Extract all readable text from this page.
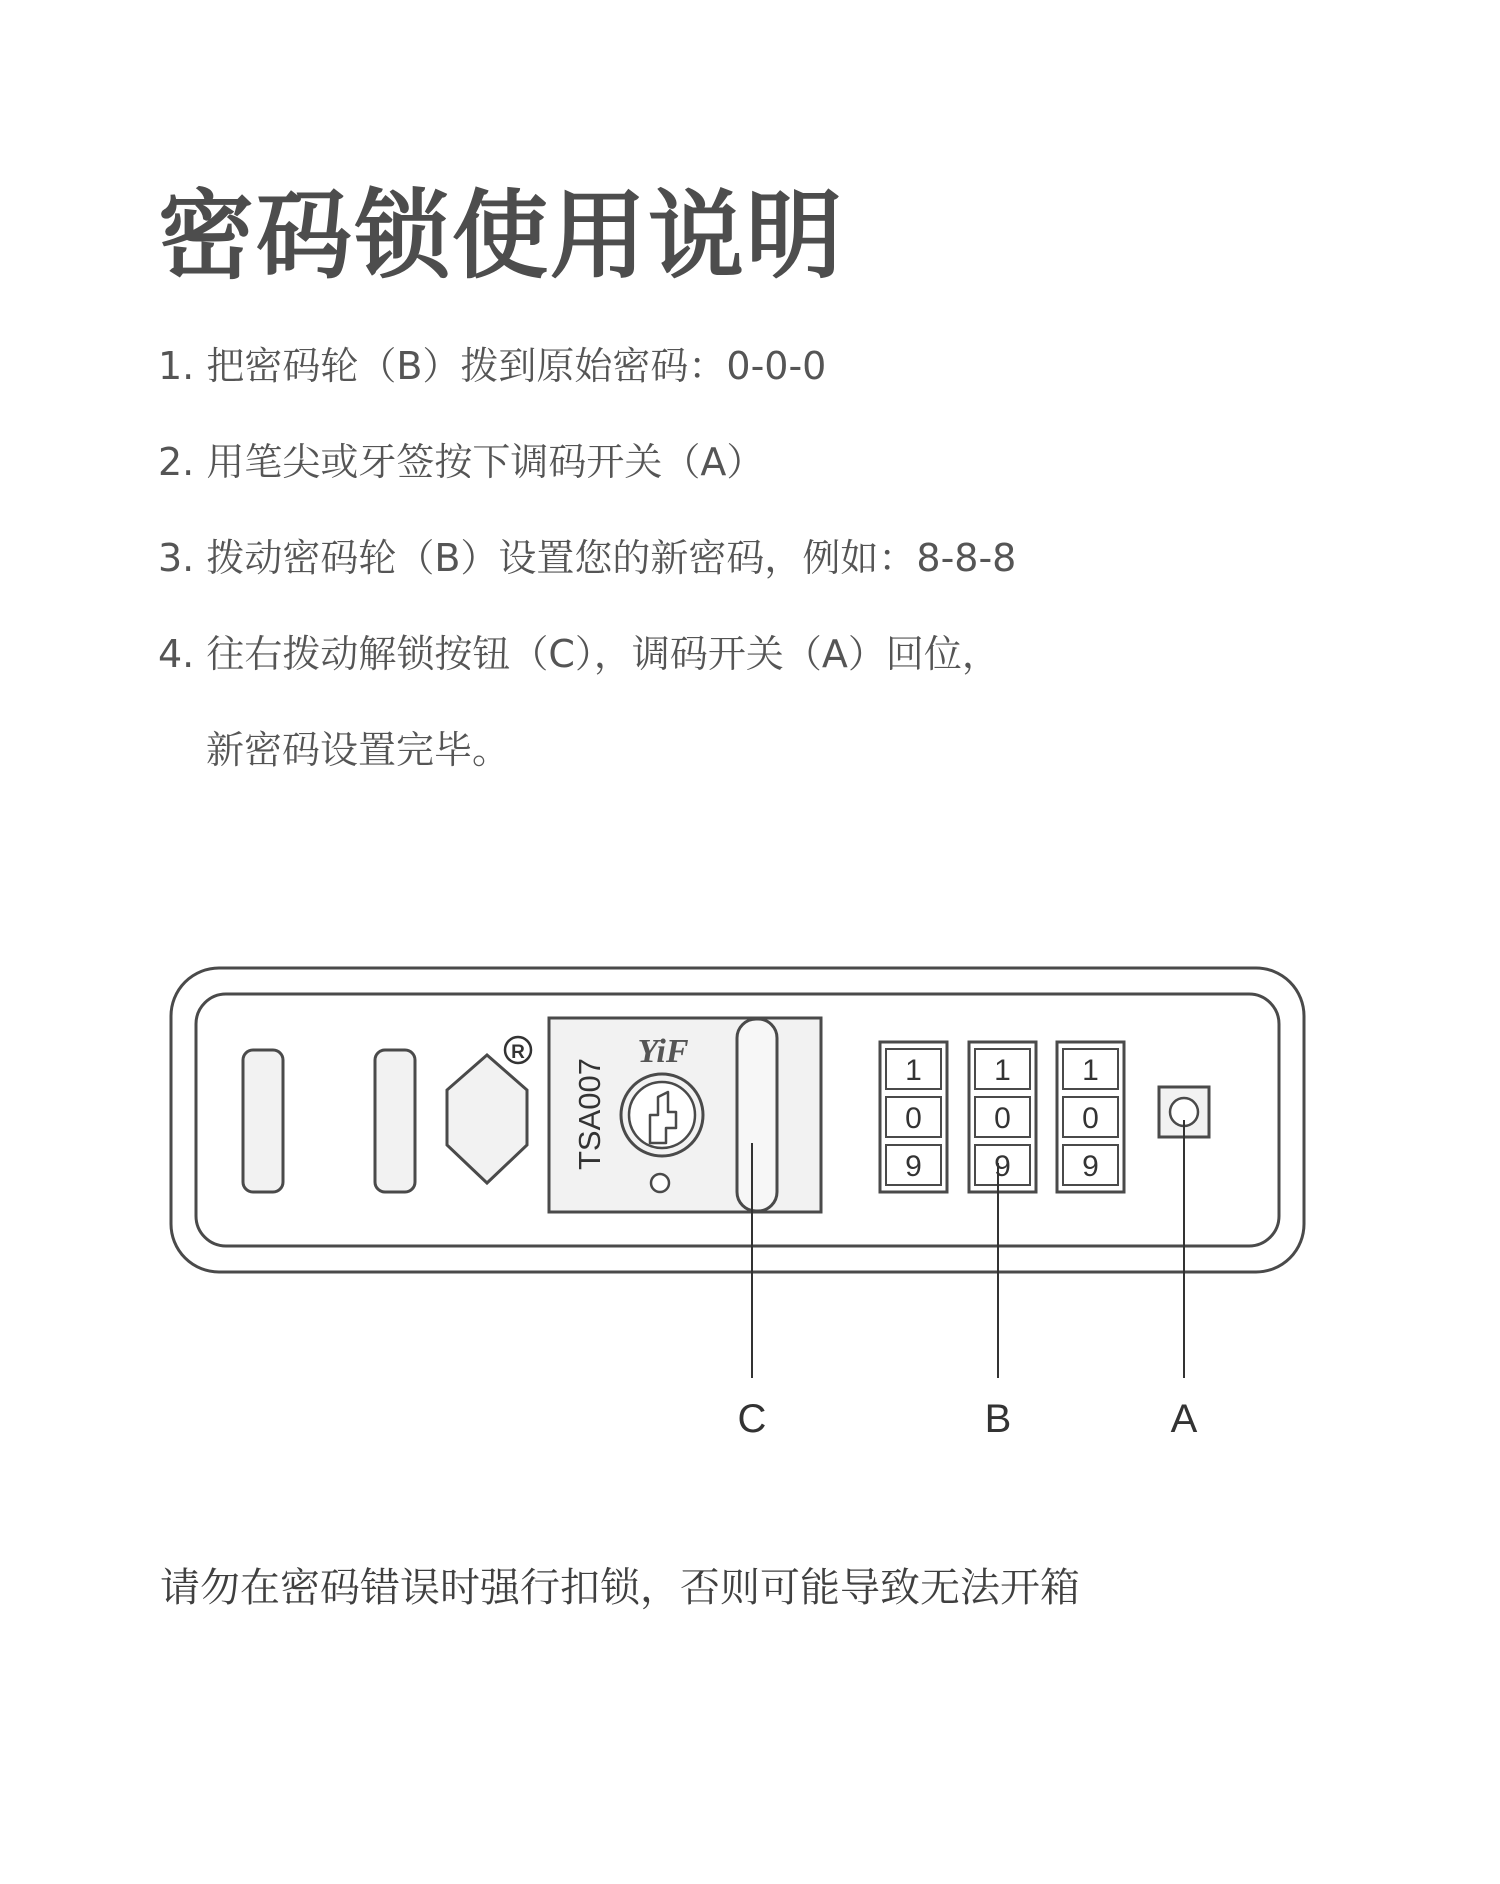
密码锁使用说明

1. 把密码轮（B）拨到原始密码：0-0-0

2. 用笔尖或牙签按下调码开关（A）

3. 拨动密码轮（B）设置您的新密码，例如：8-8-8

4. 往右拨动解锁按钮（C），调码开关（A）回位，

新密码设置完毕。

R
TSA007
YiF
1
0
9
1
0
9
1
0
9
C	B	A

请勿在密码错误时强行扣锁，否则可能导致无法开箱
